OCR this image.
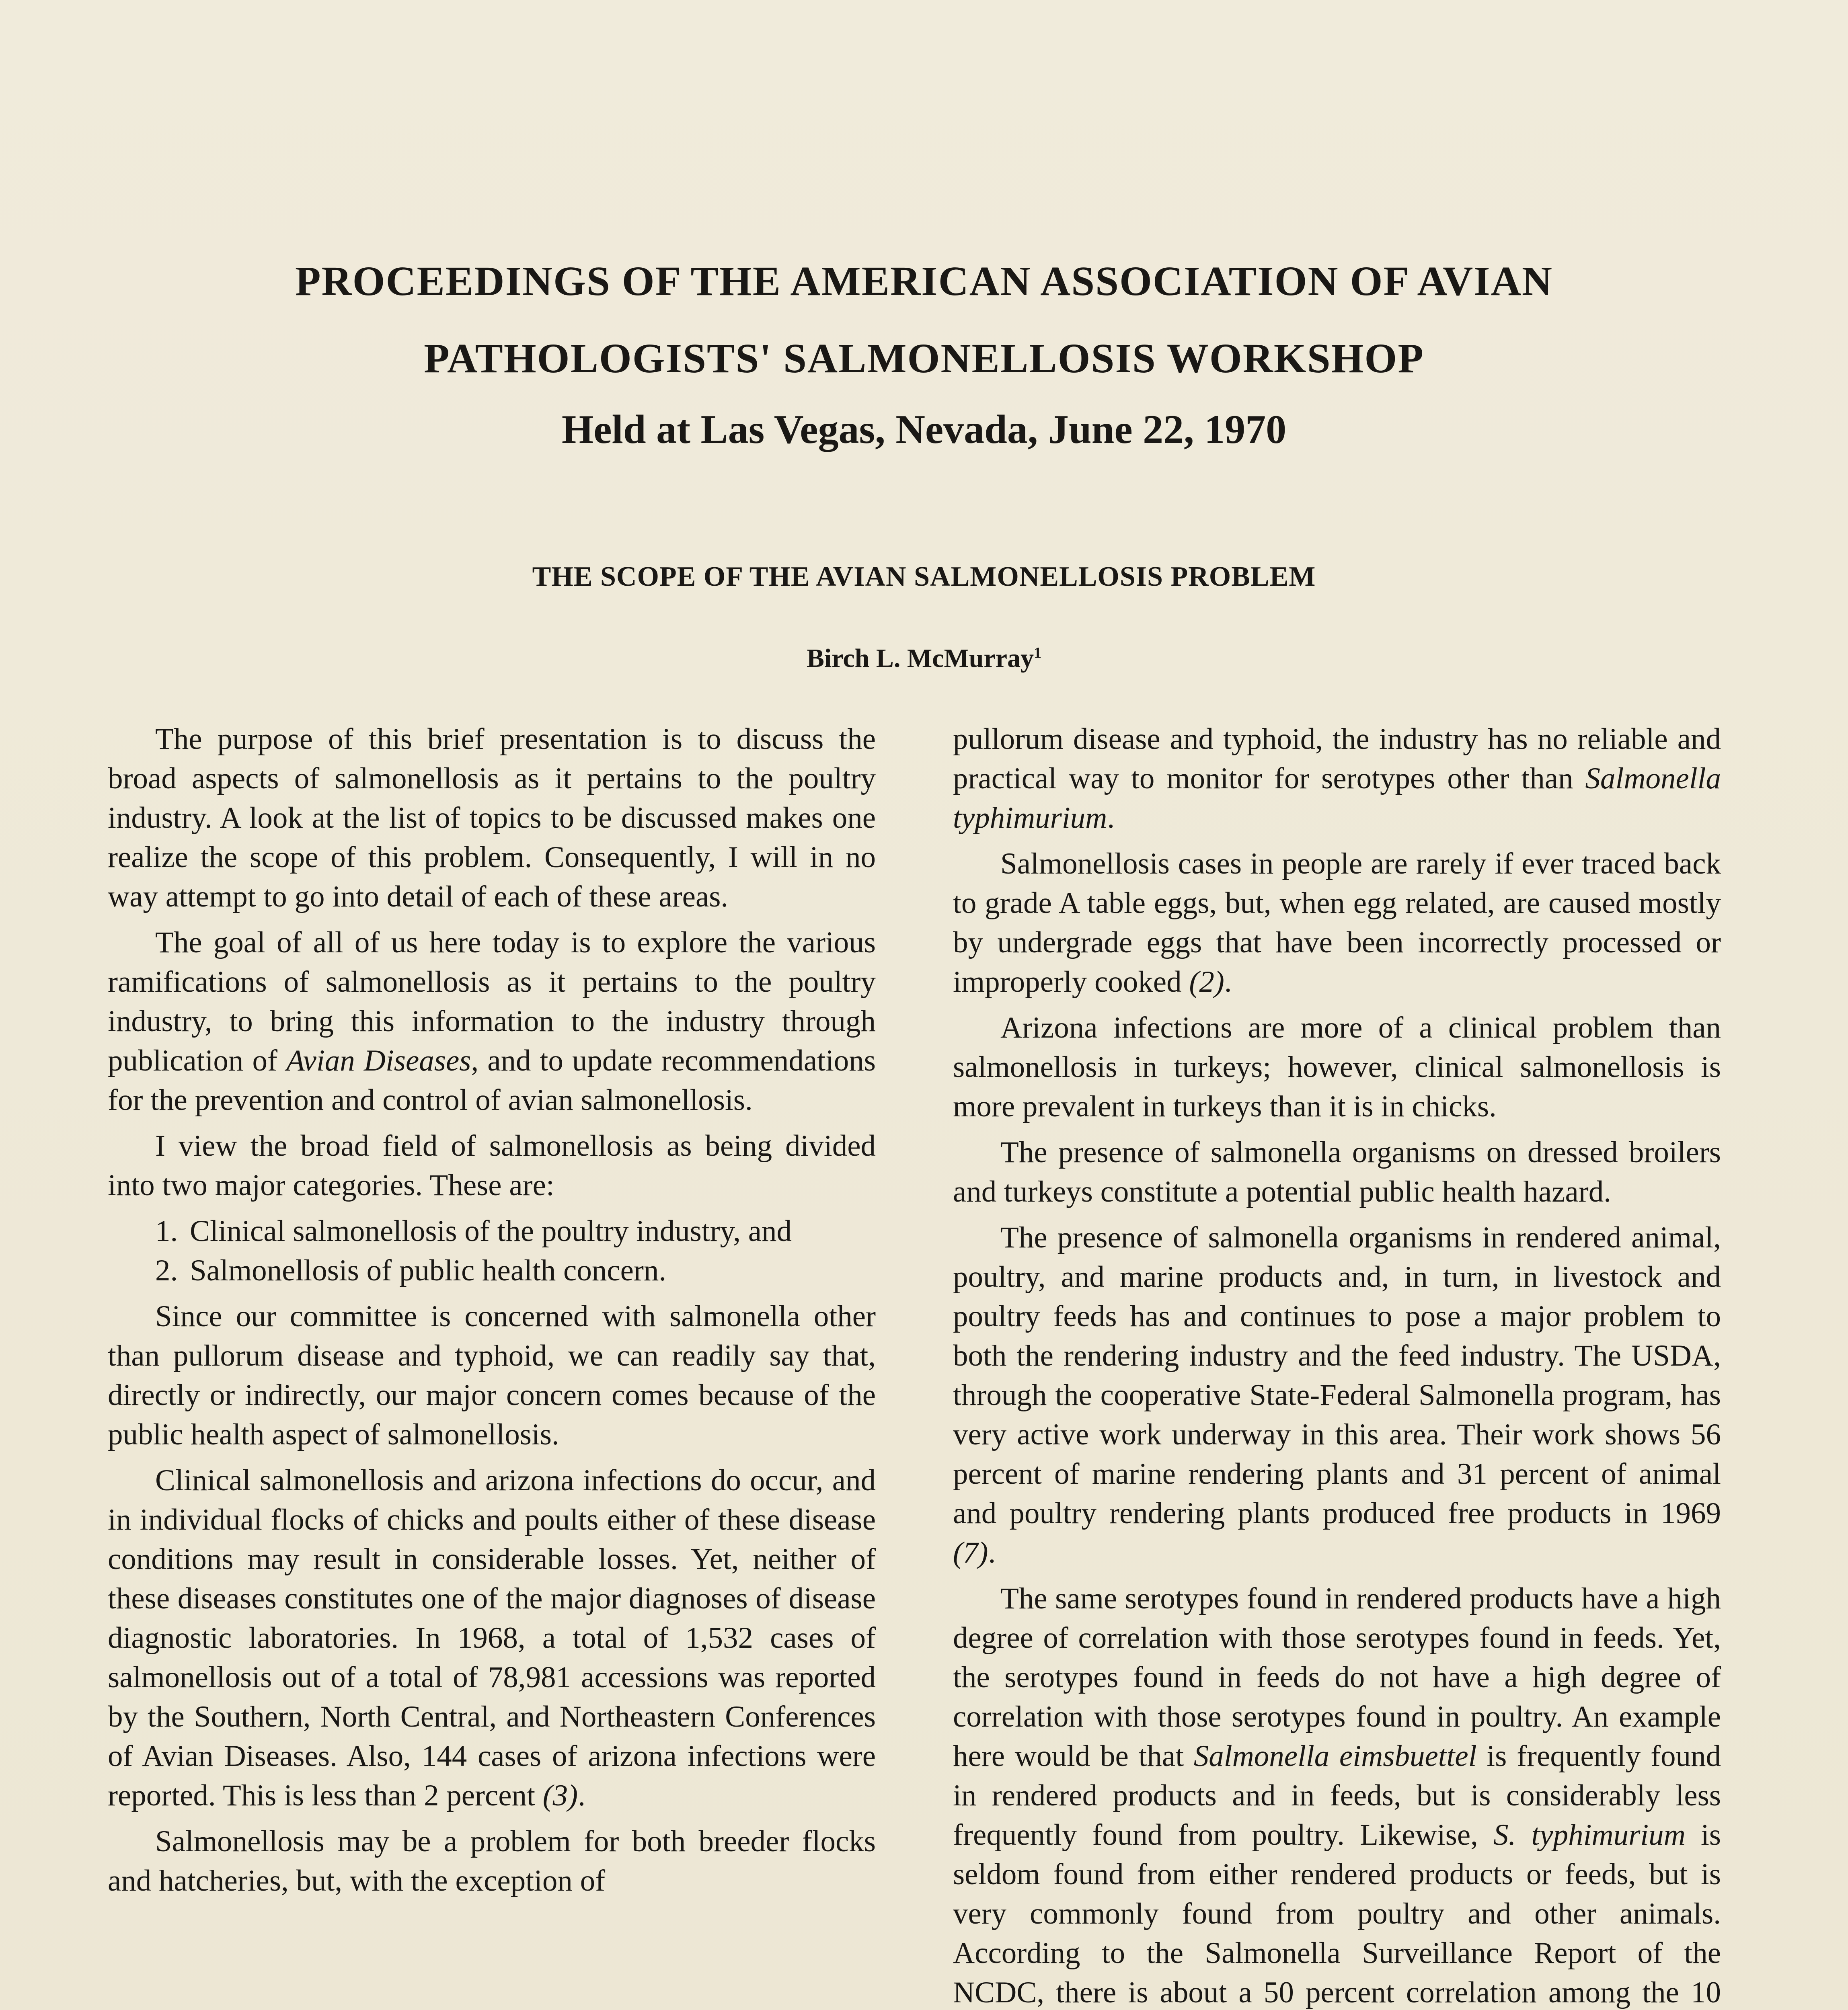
PROCEEDINGS OF THE AMERICAN ASSOCIATION OF AVIAN
PATHOLOGISTS' SALMONELLOSIS WORKSHOP
Held at Las Vegas, Nevada, June 22, 1970
THE SCOPE OF THE AVIAN SALMONELLOSIS PROBLEM
Birch L. McMurray$^1$

The purpose of this brief presentation is to discuss the broad aspects of salmonellosis as it pertains to the poultry industry. A look at the list of topics to be discussed makes one realize the scope of this problem. Consequently, I will in no way attempt to go into detail of each of these areas.

The goal of all of us here today is to explore the various ramifications of salmonellosis as it pertains to the poultry industry, to bring this information to the industry through publication of Avian Diseases, and to update recommendations for the prevention and control of avian salmonellosis.

I view the broad field of salmonellosis as being divided into two major categories. These are:

1. Clinical salmonellosis of the poultry industry, and
2. Salmonellosis of public health concern.

Since our committee is concerned with salmonella other than pullorum disease and typhoid, we can readily say that, directly or indirectly, our major concern comes because of the public health aspect of salmonellosis.

Clinical salmonellosis and arizona infections do occur, and in individual flocks of chicks and poults either of these disease conditions may result in considerable losses. Yet, neither of these diseases constitutes one of the major diagnoses of disease diagnostic laboratories. In 1968, a total of 1,532 cases of salmonellosis out of a total of 78,981 accessions was reported by the Southern, North Central, and Northeastern Conferences of Avian Diseases. Also, 144 cases of arizona infections were reported. This is less than 2 percent (3).

Salmonellosis may be a problem for both breeder flocks and hatcheries, but, with the exception of

pullorum disease and typhoid, the industry has no reliable and practical way to monitor for serotypes other than Salmonella typhimurium.

Salmonellosis cases in people are rarely if ever traced back to grade A table eggs, but, when egg related, are caused mostly by undergrade eggs that have been incorrectly processed or improperly cooked (2).

Arizona infections are more of a clinical problem than salmonellosis in turkeys; however, clinical salmonellosis is more prevalent in turkeys than it is in chicks.

The presence of salmonella organisms on dressed broilers and turkeys constitute a potential public health hazard.

The presence of salmonella organisms in rendered animal, poultry, and marine products and, in turn, in livestock and poultry feeds has and continues to pose a major problem to both the rendering industry and the feed industry. The USDA, through the cooperative State-Federal Salmonella program, has very active work underway in this area. Their work shows 56 percent of marine rendering plants and 31 percent of animal and poultry rendering plants produced free products in 1969 (7).

The same serotypes found in rendered products have a high degree of correlation with those serotypes found in feeds. Yet, the serotypes found in feeds do not have a high degree of correlation with those serotypes found in poultry. An example here would be that Salmonella eimsbuettel is frequently found in rendered products and in feeds, but is considerably less frequently found from poultry. Likewise, S. typhimurium is seldom found from either rendered products or feeds, but is very commonly found from poultry and other animals. According to the Salmonella Surveillance Report of the NCDC, there is about a 50 percent correlation among the 10
